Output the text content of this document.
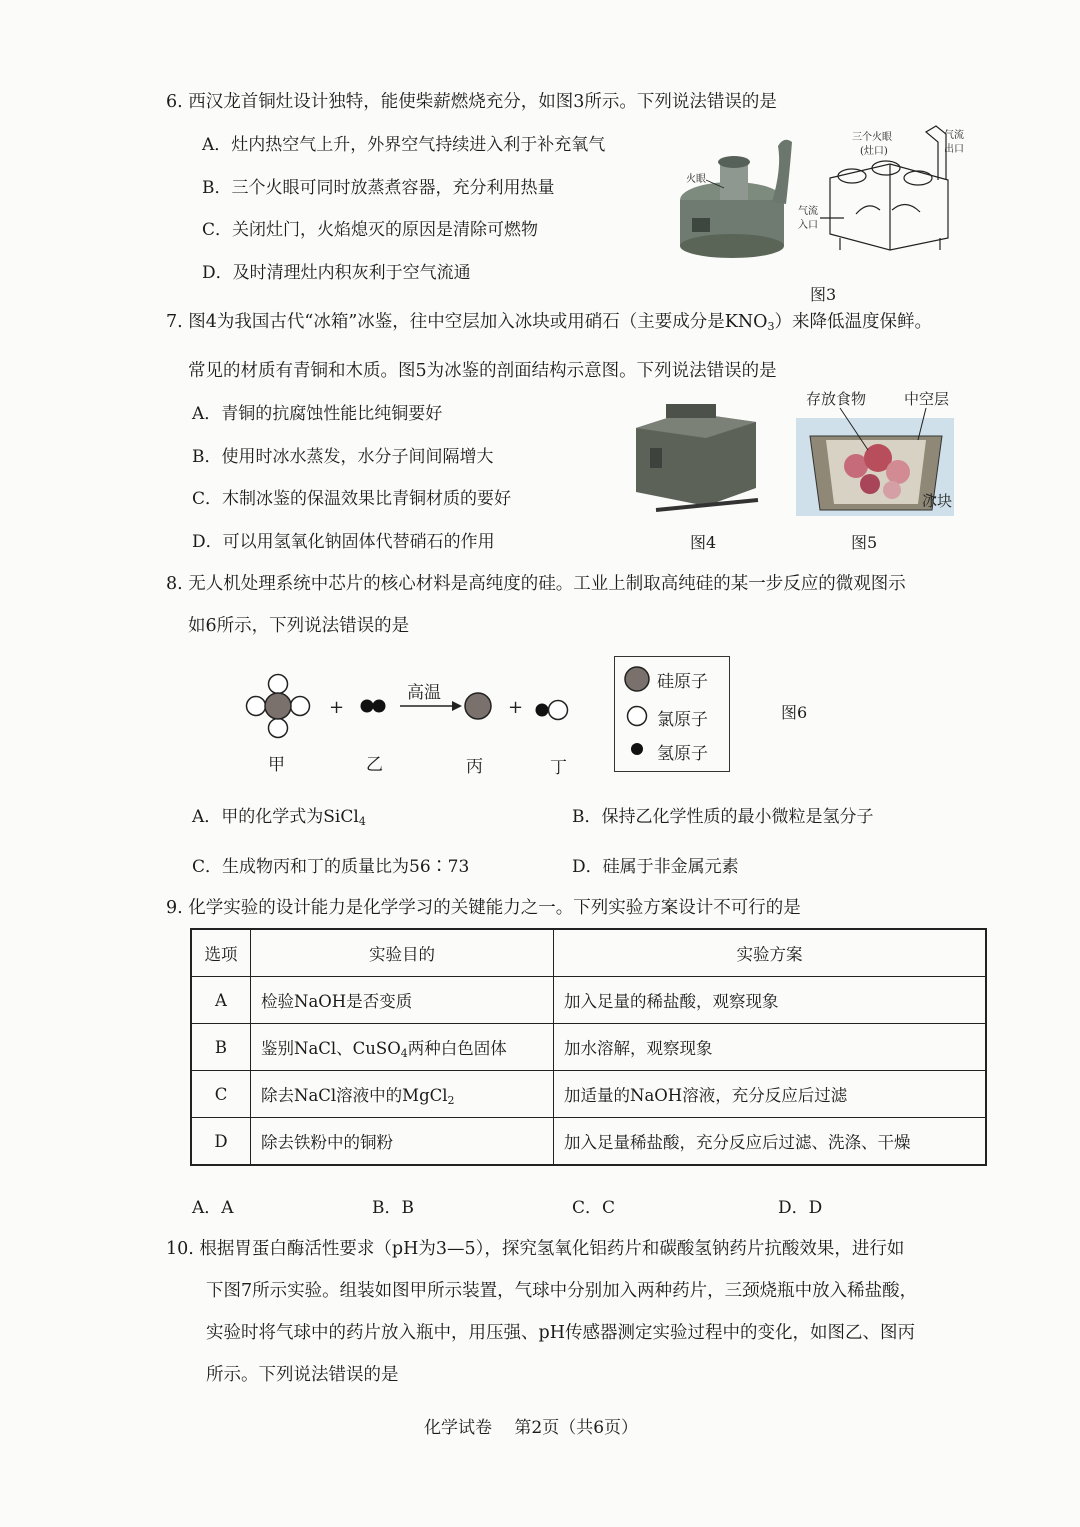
6. 西汉龙首铜灶设计独特，能使柴薪燃烧充分，如图3所示。下列说法错误的是
A．灶内热空气上升，外界空气持续进入利于补充氧气
B．三个火眼可同时放蒸煮容器，充分利用热量
C．关闭灶门，火焰熄灭的原因是清除可燃物
D．及时清理灶内积灰利于空气流通
火眼
三个火眼
(灶口)
气流
出口
气流
入口
图3
7. 图4为我国古代“冰箱”冰鉴，往中空层加入冰块或用硝石（主要成分是$KNO_3$）来降低温度保鲜。
常见的材质有青铜和木质。图5为冰鉴的剖面结构示意图。下列说法错误的是
A．青铜的抗腐蚀性能比纯铜要好
B．使用时冰水蒸发，水分子间间隔增大
C．木制冰鉴的保温效果比青铜材质的要好
D．可以用氢氧化钠固体代替硝石的作用
存放食物	中空层
冰块
图4	图5
8. 无人机处理系统中芯片的核心材料是高纯度的硅。工业上制取高纯硅的某一步反应的微观图示
如6所示，下列说法错误的是
+
高温
+
甲	乙	丙	丁
硅原子
氯原子
氢原子
图6
A．甲的化学式为SiCl$_4$	B．保持乙化学性质的最小微粒是氢分子
C．生成物丙和丁的质量比为56∶73	D．硅属于非金属元素
9. 化学实验的设计能力是化学学习的关键能力之一。下列实验方案设计不可行的是
选项	实验目的	实验方案
A	检验NaOH是否变质	加入足量的稀盐酸，观察现象
B	鉴别NaCl、CuSO$_4$两种白色固体	加水溶解，观察现象
C	除去NaCl溶液中的MgCl$_2$	加适量的NaOH溶液，充分反应后过滤
D	除去铁粉中的铜粉	加入足量稀盐酸，充分反应后过滤、洗涤、干燥
A．A	B．B	C．C	D．D
10. 根据胃蛋白酶活性要求（pH为3—5），探究氢氧化铝药片和碳酸氢钠药片抗酸效果，进行如
下图7所示实验。组装如图甲所示装置，气球中分别加入两种药片，三颈烧瓶中放入稀盐酸，
实验时将气球中的药片放入瓶中，用压强、pH传感器测定实验过程中的变化，如图乙、图丙
所示。下列说法错误的是
化学试卷　 第2页（共6页）
